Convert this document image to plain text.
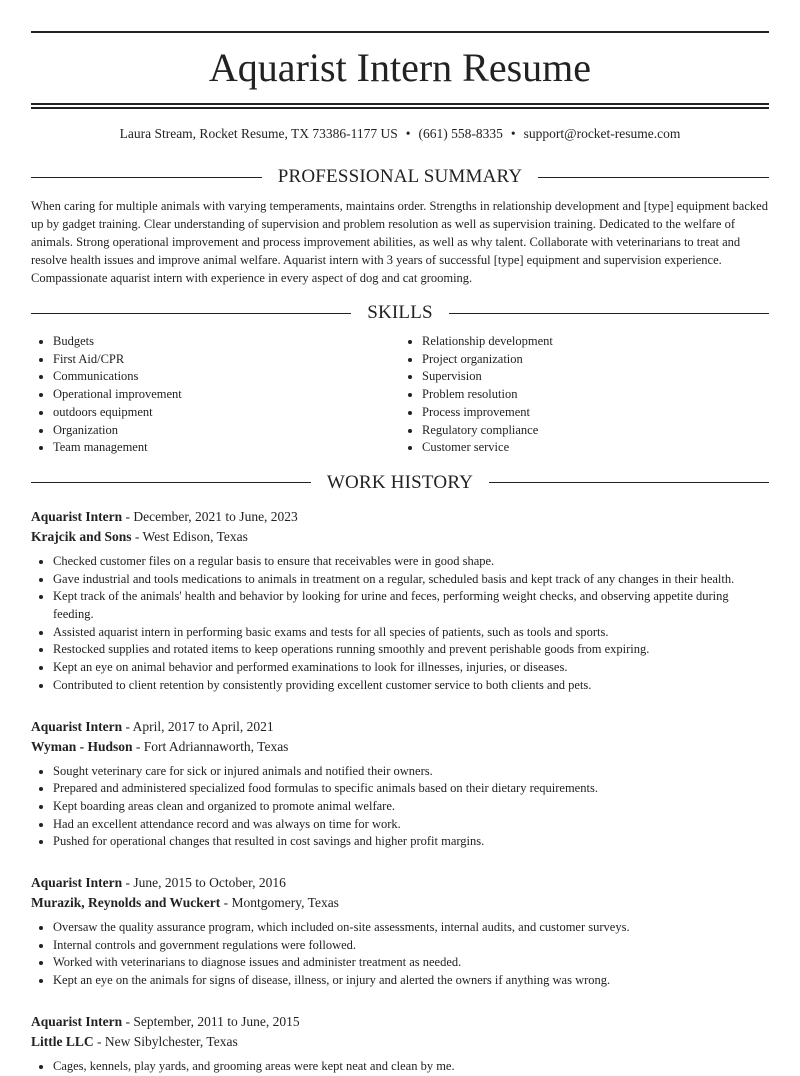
Aquarist Intern Resume
Laura Stream, Rocket Resume, TX 73386-1177 US • (661) 558-8335 • support@rocket-resume.com
PROFESSIONAL SUMMARY

When caring for multiple animals with varying temperaments, maintains order. Strengths in relationship development and [type] equipment backed up by gadget training. Clear understanding of supervision and problem resolution as well as supervision training. Dedicated to the welfare of animals. Strong operational improvement and process improvement abilities, as well as why talent. Collaborate with veterinarians to treat and resolve health issues and improve animal welfare. Aquarist intern with 3 years of successful [type] equipment and supervision experience. Compassionate aquarist intern with experience in every aspect of dog and cat grooming.

SKILLS
• Budgets
• First Aid/CPR
• Communications
• Operational improvement
• outdoors equipment
• Organization
• Team management
• Relationship development
• Project organization
• Supervision
• Problem resolution
• Process improvement
• Regulatory compliance
• Customer service
WORK HISTORY
Aquarist Intern - December, 2021 to June, 2023
Krajcik and Sons - West Edison, Texas
• Checked customer files on a regular basis to ensure that receivables were in good shape.
• Gave industrial and tools medications to animals in treatment on a regular, scheduled basis and kept track of any changes in their health.
• Kept track of the animals' health and behavior by looking for urine and feces, performing weight checks, and observing appetite during feeding.
• Assisted aquarist intern in performing basic exams and tests for all species of patients, such as tools and sports.
• Restocked supplies and rotated items to keep operations running smoothly and prevent perishable goods from expiring.
• Kept an eye on animal behavior and performed examinations to look for illnesses, injuries, or diseases.
• Contributed to client retention by consistently providing excellent customer service to both clients and pets.
Aquarist Intern - April, 2017 to April, 2021
Wyman - Hudson - Fort Adriannaworth, Texas
• Sought veterinary care for sick or injured animals and notified their owners.
• Prepared and administered specialized food formulas to specific animals based on their dietary requirements.
• Kept boarding areas clean and organized to promote animal welfare.
• Had an excellent attendance record and was always on time for work.
• Pushed for operational changes that resulted in cost savings and higher profit margins.
Aquarist Intern - June, 2015 to October, 2016
Murazik, Reynolds and Wuckert - Montgomery, Texas
• Oversaw the quality assurance program, which included on-site assessments, internal audits, and customer surveys.
• Internal controls and government regulations were followed.
• Worked with veterinarians to diagnose issues and administer treatment as needed.
• Kept an eye on the animals for signs of disease, illness, or injury and alerted the owners if anything was wrong.
Aquarist Intern - September, 2011 to June, 2015
Little LLC - New Sibylchester, Texas
• Cages, kennels, play yards, and grooming areas were kept neat and clean by me.
